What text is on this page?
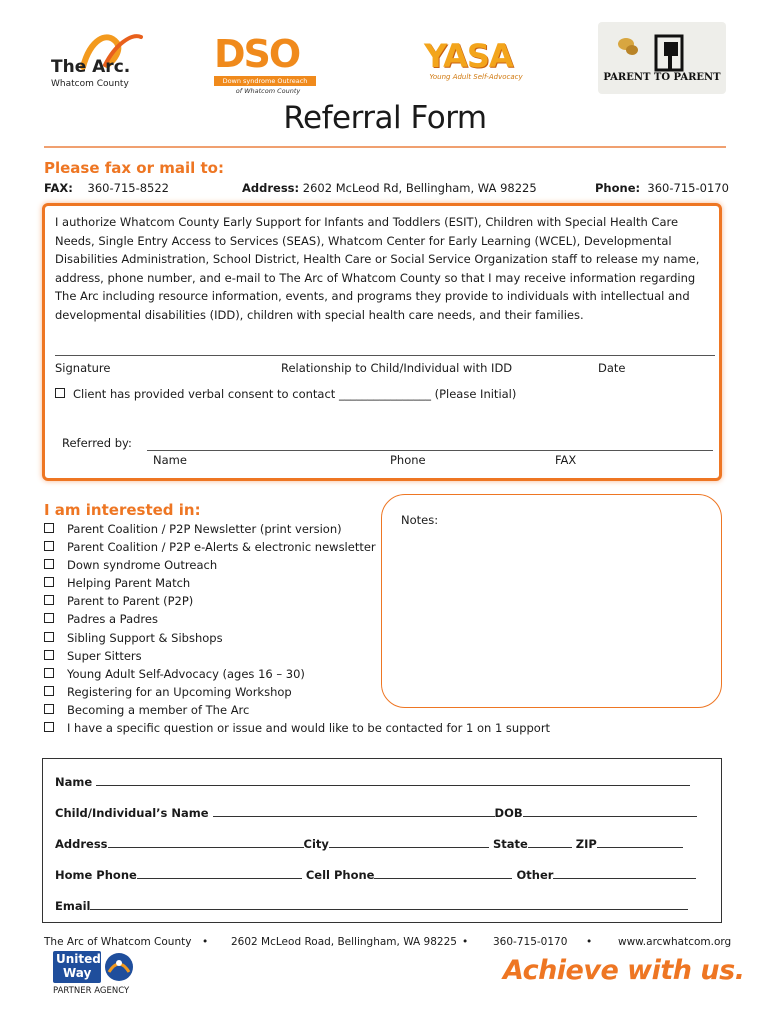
The Arc.
Whatcom County
DSO
Down syndrome Outreach
of Whatcom County
YASA
Young Adult Self-Advocacy	PARENT TO PARENT
Referral Form
Please fax or mail to:
FAX: 360-715-8522	Address: 2602 McLeod Rd, Bellingham, WA 98225	Phone: 360-715-0170
I authorize Whatcom County Early Support for Infants and Toddlers (ESIT), Children with Special Health Care Needs, Single Entry Access to Services (SEAS), Whatcom Center for Early Learning (WCEL), Developmental Disabilities Administration, School District, Health Care or Social Service Organization staff to release my name, address, phone number, and e-mail to The Arc of Whatcom County so that I may receive information regarding The Arc including resource information, events, and programs they provide to individuals with intellectual and developmental disabilities (IDD), children with special health care needs, and their families.
Signature	Relationship to Child/Individual with IDD	Date
Client has provided verbal consent to contact ________________ (Please Initial)
Referred by:
Name	Phone	FAX
I am interested in:
Parent Coalition / P2P Newsletter (print version)
Parent Coalition / P2P e-Alerts & electronic newsletter
Down syndrome Outreach
Helping Parent Match
Parent to Parent (P2P)
Padres a Padres
Sibling Support & Sibshops
Super Sitters
Young Adult Self-Advocacy (ages 16 – 30)
Registering for an Upcoming Workshop
Becoming a member of The Arc
I have a specific question or issue and would like to be contacted for 1 on 1 support
Notes:
Name
Child/Individual’s Name	DOB
Address	City	State	ZIP
Home Phone	Cell Phone	Other
Email
The Arc of Whatcom County • 2602 McLeod Road, Bellingham, WA 98225 • 360-715-0170 • www.arcwhatcom.org
United
Way
PARTNER AGENCY
Achieve with us.
